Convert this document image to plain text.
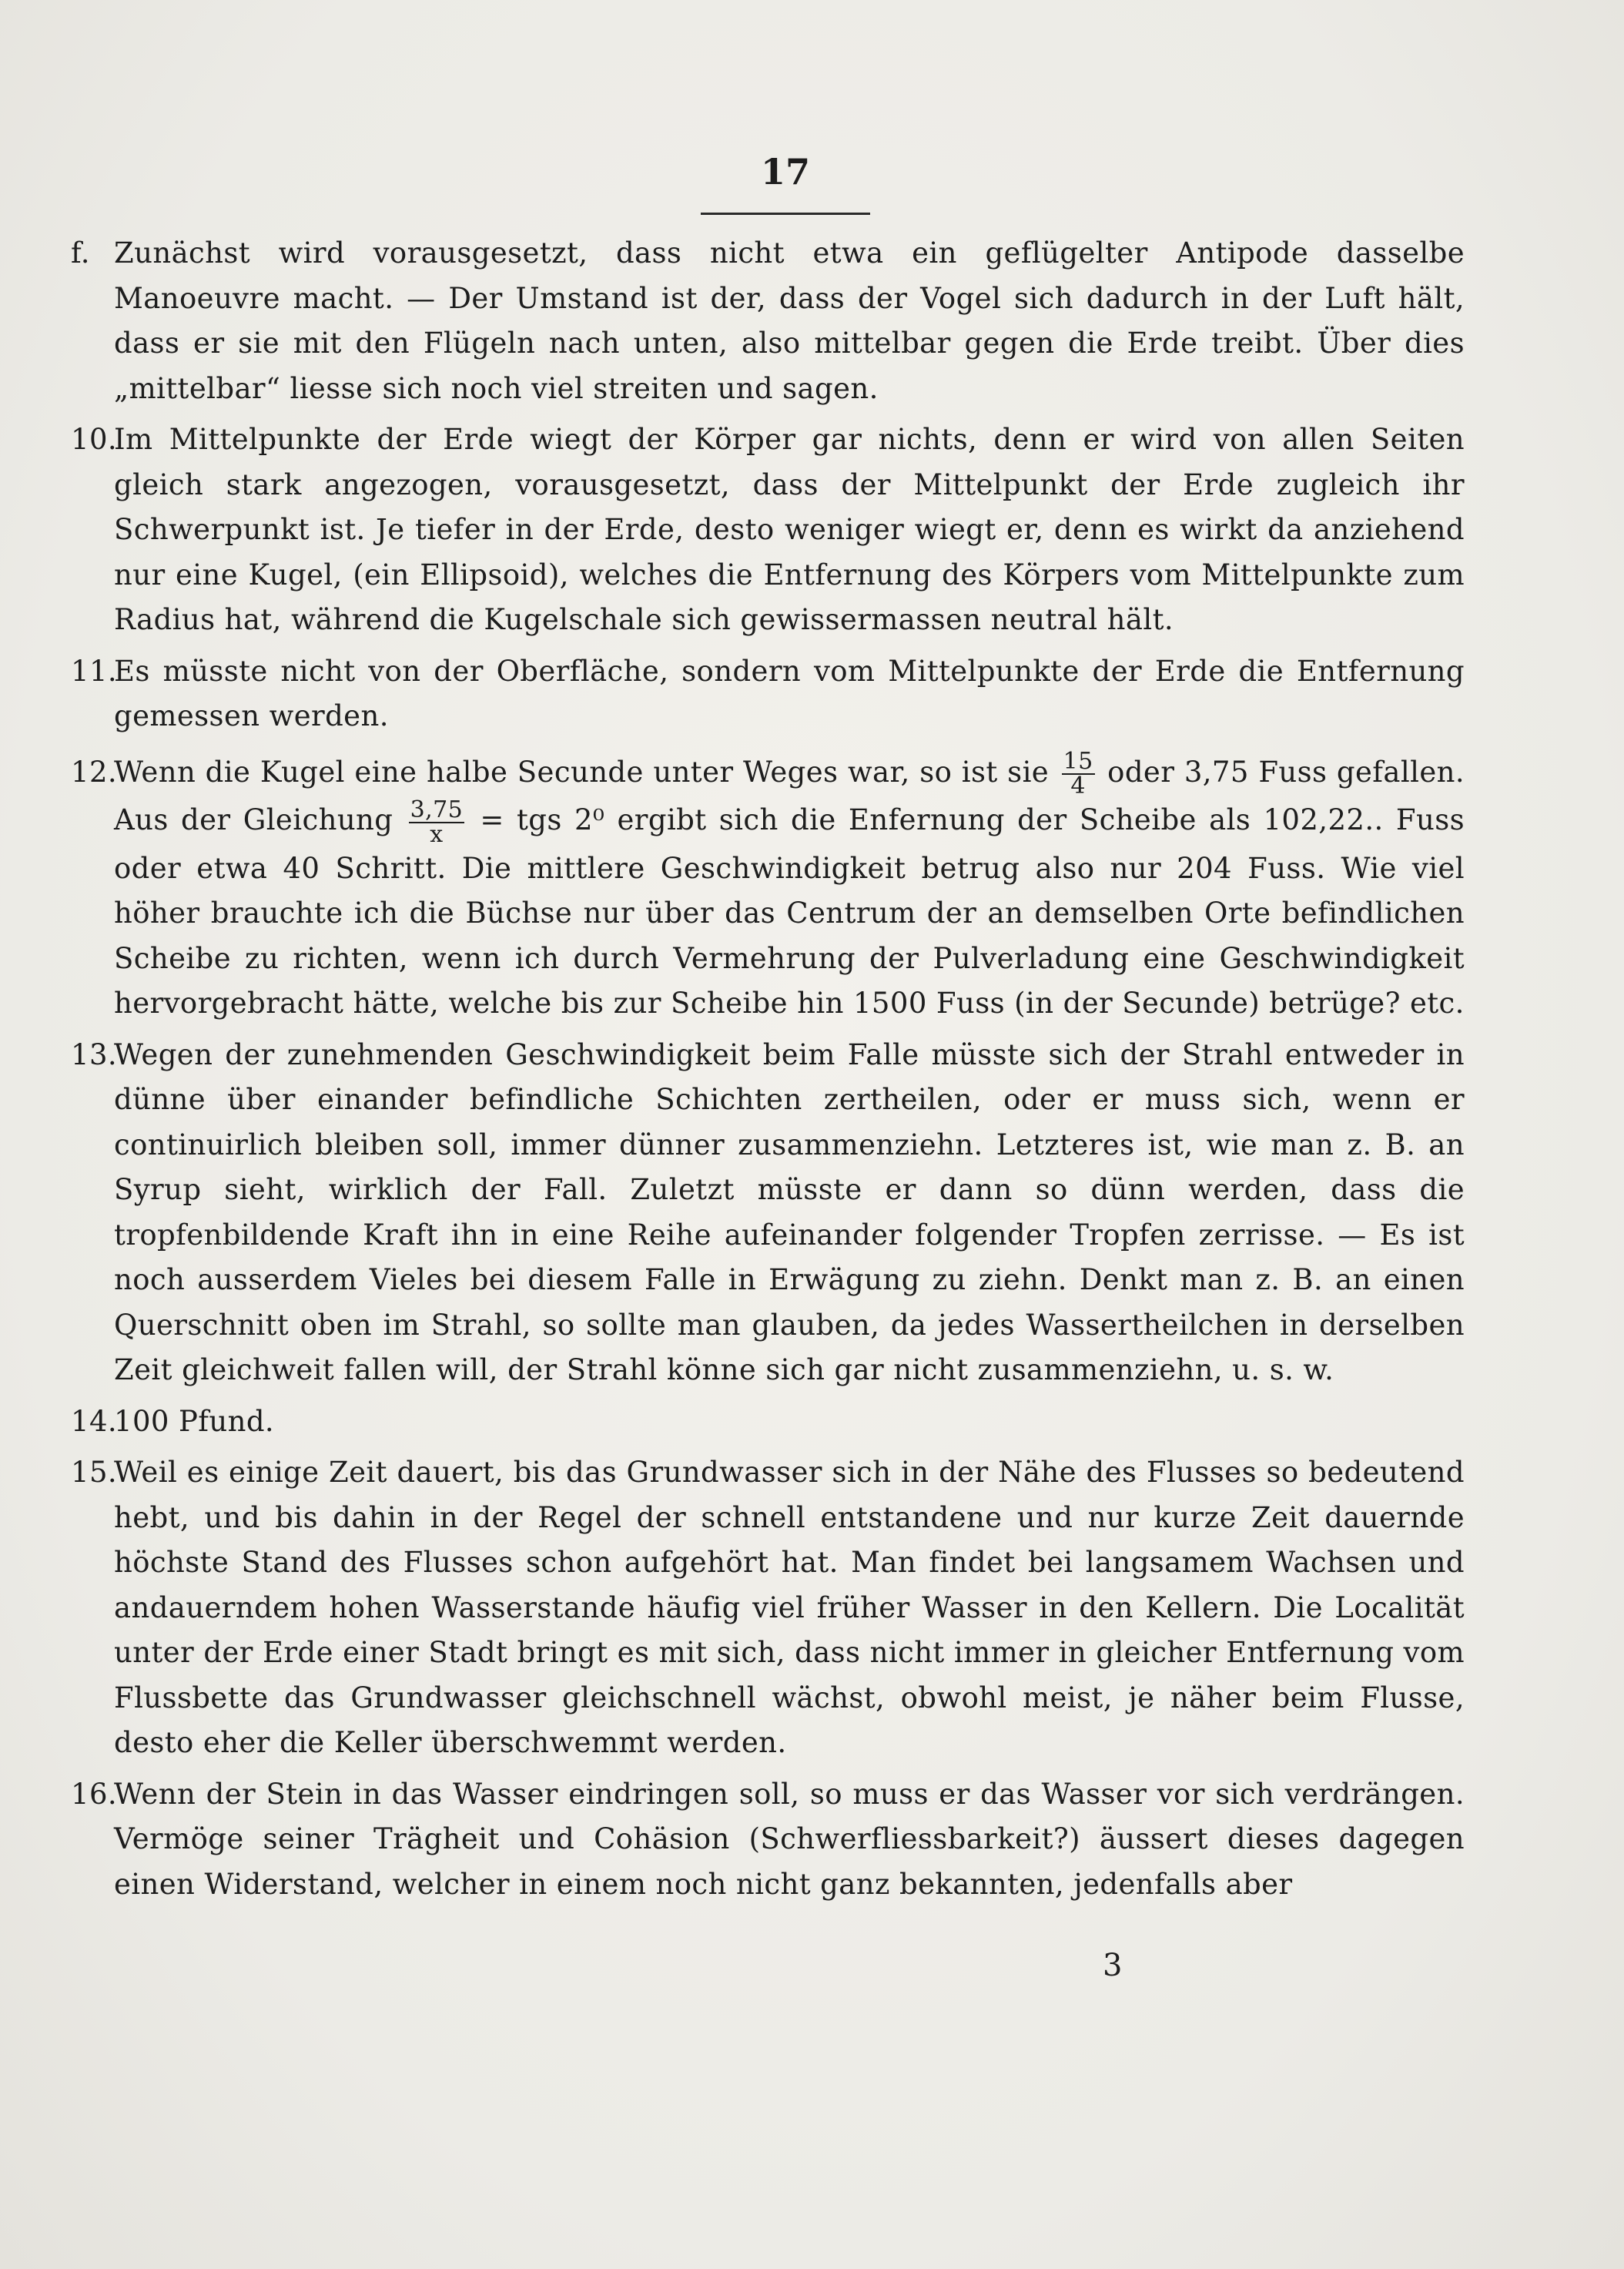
17

f. Zunächst wird vorausgesetzt, dass nicht etwa ein geflügelter Antipode dasselbe Manoeuvre macht. — Der Umstand ist der, dass der Vogel sich dadurch in der Luft hält, dass er sie mit den Flügeln nach unten, also mittelbar gegen die Erde treibt. Über dies „mittelbar“ liesse sich noch viel streiten und sagen.

10.
Im Mittelpunkte der Erde wiegt der Körper gar nichts, denn er wird von allen Seiten gleich stark angezogen, vorausgesetzt, dass der Mittelpunkt der Erde zugleich ihr Schwerpunkt ist. Je tiefer in der Erde, desto weniger wiegt er, denn es wirkt da anziehend nur eine Kugel, (ein Ellipsoid), welches die Entfernung des Körpers vom Mittelpunkte zum Radius hat, während die Kugelschale sich gewissermassen neutral hält.

11.
Es müsste nicht von der Oberfläche, sondern vom Mittelpunkte der Erde die Entfernung gemessen werden.

12.
Wenn die Kugel eine halbe Secunde unter Weges war, so ist sie $\frac{15}{4}$ oder 3,75 Fuss gefallen. Aus der Gleichung $\frac{3,75}{x}$ = tgs 2⁰ ergibt sich die Enfernung der Scheibe als 102,22.. Fuss oder etwa 40 Schritt. Die mittlere Geschwindigkeit betrug also nur 204 Fuss. Wie viel höher brauchte ich die Büchse nur über das Centrum der an demselben Orte befindlichen Scheibe zu richten, wenn ich durch Vermehrung der Pulverladung eine Geschwindigkeit hervorgebracht hätte, welche bis zur Scheibe hin 1500 Fuss (in der Secunde) betrüge? etc.

13.
Wegen der zunehmenden Geschwindigkeit beim Falle müsste sich der Strahl entweder in dünne über einander befindliche Schichten zertheilen, oder er muss sich, wenn er continuirlich bleiben soll, immer dünner zusammenziehn. Letzteres ist, wie man z. B. an Syrup sieht, wirklich der Fall. Zuletzt müsste er dann so dünn werden, dass die tropfenbildende Kraft ihn in eine Reihe aufeinander folgender Tropfen zerrisse. — Es ist noch ausserdem Vieles bei diesem Falle in Erwägung zu ziehn. Denkt man z. B. an einen Querschnitt oben im Strahl, so sollte man glauben, da jedes Wassertheilchen in derselben Zeit gleichweit fallen will, der Strahl könne sich gar nicht zusammenziehn, u. s. w.

14.
100 Pfund.

15.
Weil es einige Zeit dauert, bis das Grundwasser sich in der Nähe des Flusses so bedeutend hebt, und bis dahin in der Regel der schnell entstandene und nur kurze Zeit dauernde höchste Stand des Flusses schon aufgehört hat. Man findet bei langsamem Wachsen und andauerndem hohen Wasserstande häufig viel früher Wasser in den Kellern. Die Localität unter der Erde einer Stadt bringt es mit sich, dass nicht immer in gleicher Entfernung vom Flussbette das Grundwasser gleichschnell wächst, obwohl meist, je näher beim Flusse, desto eher die Keller überschwemmt werden.

16.
Wenn der Stein in das Wasser eindringen soll, so muss er das Wasser vor sich verdrängen. Vermöge seiner Trägheit und Cohäsion (Schwerfliessbarkeit?) äussert dieses dagegen einen Widerstand, welcher in einem noch nicht ganz bekannten, jedenfalls aber

3
